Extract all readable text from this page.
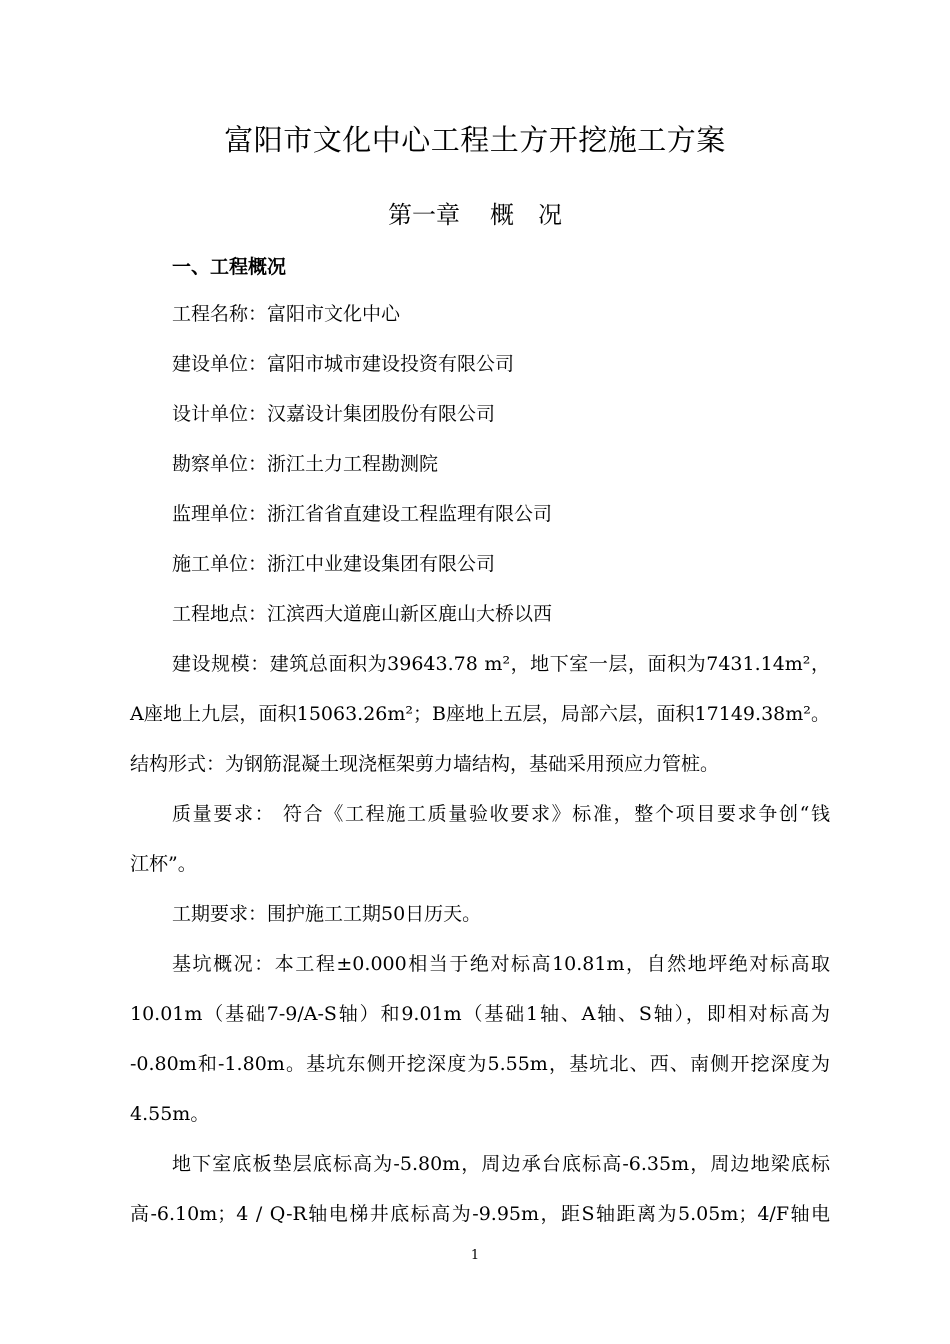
富阳市文化中心工程土方开挖施工方案
第一章 概　况
一、工程概况
工程名称：富阳市文化中心
建设单位：富阳市城市建设投资有限公司
设计单位：汉嘉设计集团股份有限公司
勘察单位：浙江土力工程勘测院
监理单位：浙江省省直建设工程监理有限公司
施工单位：浙江中业建设集团有限公司
工程地点：江滨西大道鹿山新区鹿山大桥以西
建设规模：建筑总面积为39643.78 m²，地下室一层，面积为7431.14m²，
A座地上九层，面积15063.26m²；B座地上五层，局部六层，面积17149.38m²。
结构形式：为钢筋混凝土现浇框架剪力墙结构，基础采用预应力管桩。
质量要求： 符合《工程施工质量验收要求》标准，整个项目要求争创“钱
江杯”。
工期要求：围护施工工期50日历天。
基坑概况：本工程±0.000相当于绝对标高10.81m，自然地坪绝对标高取
10.01m（基础7-9/A-S轴）和9.01m（基础1轴、A轴、S轴），即相对标高为
-0.80m和-1.80m。基坑东侧开挖深度为5.55m，基坑北、西、南侧开挖深度为
4.55m。
地下室底板垫层底标高为-5.80m，周边承台底标高-6.35m，周边地梁底标
高-6.10m；4 / Q-R轴电梯井底标高为-9.95m，距S轴距离为5.05m；4/F轴电
1
